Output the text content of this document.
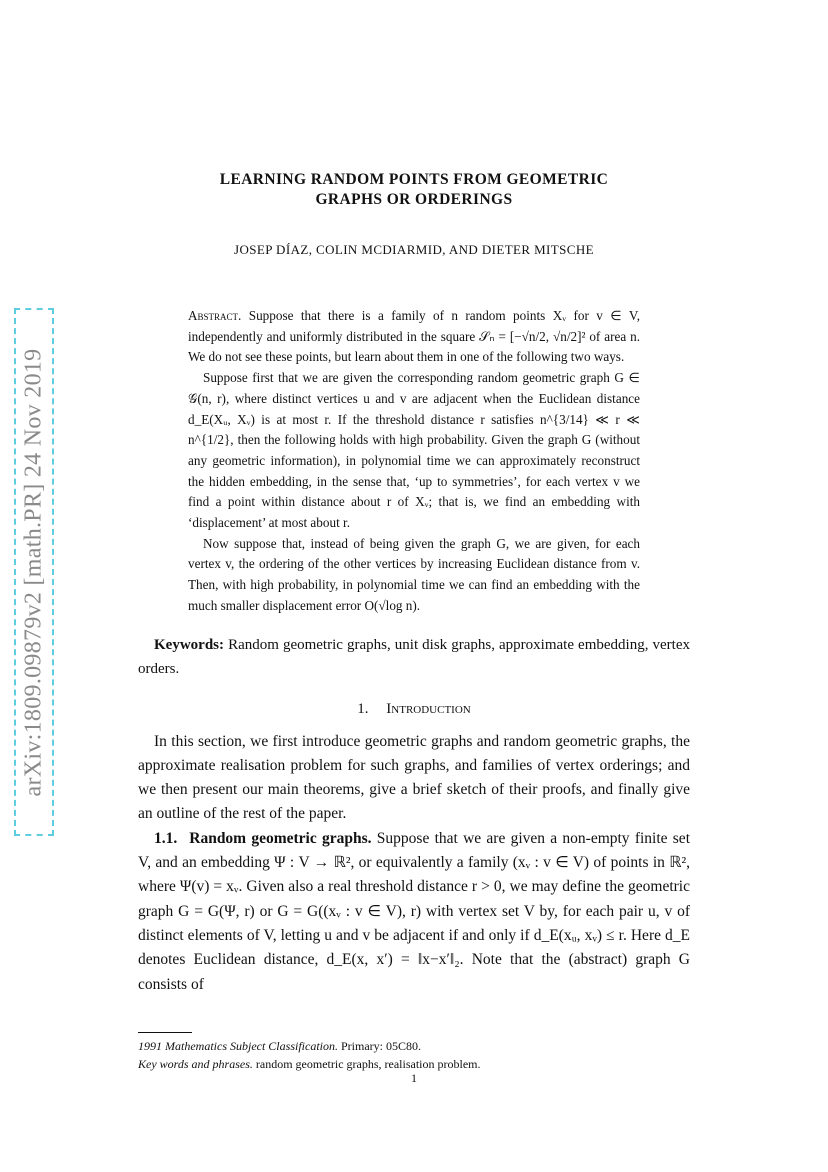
arXiv:1809.09879v2 [math.PR] 24 Nov 2019
LEARNING RANDOM POINTS FROM GEOMETRIC
GRAPHS OR ORDERINGS
JOSEP DÍAZ, COLIN MCDIARMID, AND DIETER MITSCHE

Abstract. Suppose that there is a family of n random points Xᵥ for v ∈ V, independently and uniformly distributed in the square 𝒮ₙ = [−√n/2, √n/2]² of area n. We do not see these points, but learn about them in one of the following two ways.

Suppose first that we are given the corresponding random geometric graph G ∈ 𝒢(n, r), where distinct vertices u and v are adjacent when the Euclidean distance d_E(Xᵤ, Xᵥ) is at most r. If the threshold distance r satisfies n^{3/14} ≪ r ≪ n^{1/2}, then the following holds with high probability. Given the graph G (without any geometric information), in polynomial time we can approximately reconstruct the hidden embedding, in the sense that, ‘up to symmetries’, for each vertex v we find a point within distance about r of Xᵥ; that is, we find an embedding with ‘displacement’ at most about r.

Now suppose that, instead of being given the graph G, we are given, for each vertex v, the ordering of the other vertices by increasing Euclidean distance from v. Then, with high probability, in polynomial time we can find an embedding with the much smaller displacement error O(√log n).

Keywords: Random geometric graphs, unit disk graphs, approximate embedding, vertex orders.
1. Introduction

In this section, we first introduce geometric graphs and random geometric graphs, the approximate realisation problem for such graphs, and families of vertex orderings; and we then present our main theorems, give a brief sketch of their proofs, and finally give an outline of the rest of the paper.

1.1. Random geometric graphs. Suppose that we are given a non-empty finite set V, and an embedding Ψ : V → ℝ², or equivalently a family (xᵥ : v ∈ V) of points in ℝ², where Ψ(v) = xᵥ. Given also a real threshold distance r > 0, we may define the geometric graph G = G(Ψ, r) or G = G((xᵥ : v ∈ V), r) with vertex set V by, for each pair u, v of distinct elements of V, letting u and v be adjacent if and only if d_E(xᵤ, xᵥ) ≤ r. Here d_E denotes Euclidean distance, d_E(x, x′) = ‖x−x′‖₂. Note that the (abstract) graph G consists of

1991 Mathematics Subject Classification. Primary: 05C80.
Key words and phrases. random geometric graphs, realisation problem.
1
